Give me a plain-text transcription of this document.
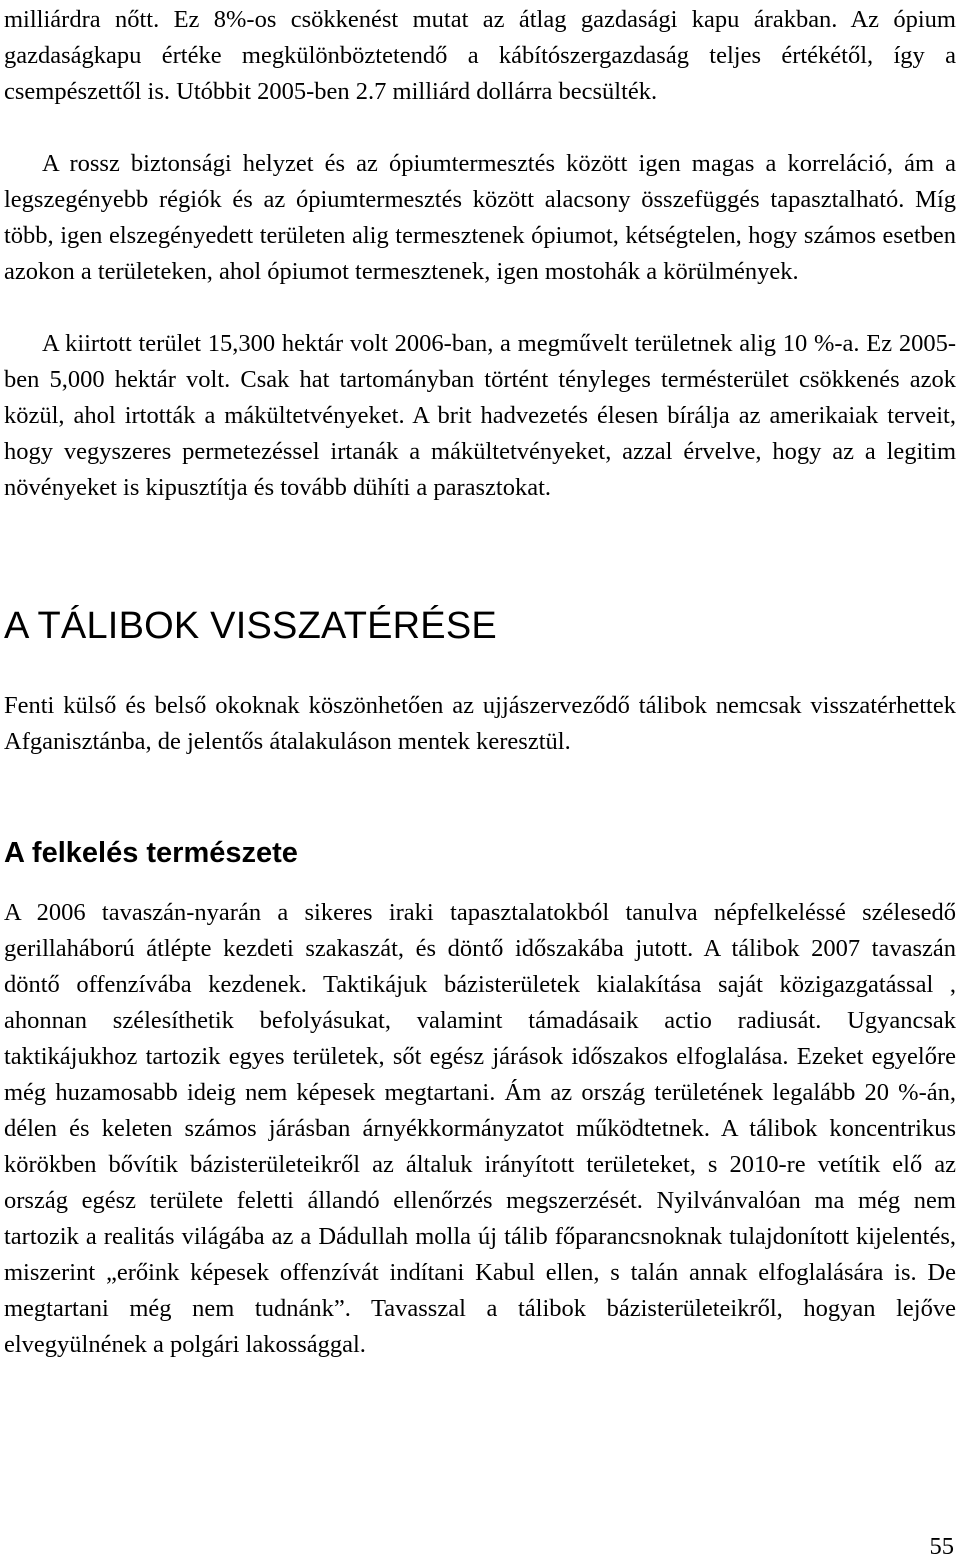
milliárdra nőtt. Ez 8%-os csökkenést mutat az átlag gazdasági kapu árakban. Az ópium gazdaságkapu értéke megkülönböztetendő a kábítószergazdaság teljes értékétől, így a csempészettől is. Utóbbit 2005-ben 2.7 milliárd dollárra becsülték.

A rossz biztonsági helyzet és az ópiumtermesztés között igen magas a korreláció, ám a legszegényebb régiók és az ópiumtermesztés között alacsony összefüggés tapasztalható. Míg több, igen elszegényedett területen alig termesztenek ópiumot, kétségtelen, hogy számos esetben azokon a területeken, ahol ópiumot termesztenek, igen mostohák a körülmények.

A kiirtott terület 15,300 hektár volt 2006-ban, a megművelt területnek alig 10 %-a. Ez 2005-ben 5,000 hektár volt. Csak hat tartományban történt tényleges termésterület csökkenés azok közül, ahol irtották a mákültetvényeket. A brit hadvezetés élesen bírálja az amerikaiak terveit, hogy vegyszeres permetezéssel irtanák a mákültetvényeket, azzal érvelve, hogy az a legitim növényeket is kipusztítja és tovább dühíti a parasztokat.

A TÁLIBOK VISSZATÉRÉSE

Fenti külső és belső okoknak köszönhetően az ujjászerveződő tálibok nemcsak visszatérhettek Afganisztánba, de jelentős átalakuláson mentek keresztül.

A felkelés természete

A 2006 tavaszán-nyarán a sikeres iraki tapasztalatokból tanulva népfelkeléssé szélesedő gerillaháború átlépte kezdeti szakaszát, és döntő időszakába jutott. A tálibok 2007 tavaszán döntő offenzívába kezdenek. Taktikájuk bázisterületek kialakítása saját közigazgatással , ahonnan szélesíthetik befolyásukat, valamint támadásaik actio radiusát. Ugyancsak taktikájukhoz tartozik egyes területek, sőt egész járások időszakos elfoglalása. Ezeket egyelőre még huzamosabb ideig nem képesek megtartani. Ám az ország területének legalább 20 %-án, délen és keleten számos járásban árnyékkormányzatot működtetnek. A tálibok koncentrikus körökben bővítik bázisterületeikről az általuk irányított területeket, s 2010-re vetítik elő az ország egész területe feletti állandó ellenőrzés megszerzését. Nyilvánvalóan ma még nem tartozik a realitás világába az a Dádullah molla új tálib főparancsnoknak tulajdonított kijelentés, miszerint „erőink képesek offenzívát indítani Kabul ellen, s talán annak elfoglalására is. De megtartani még nem tudnánk”. Tavasszal a tálibok bázisterületeikről, hogyan lejőve elvegyülnének a polgári lakossággal.

55
